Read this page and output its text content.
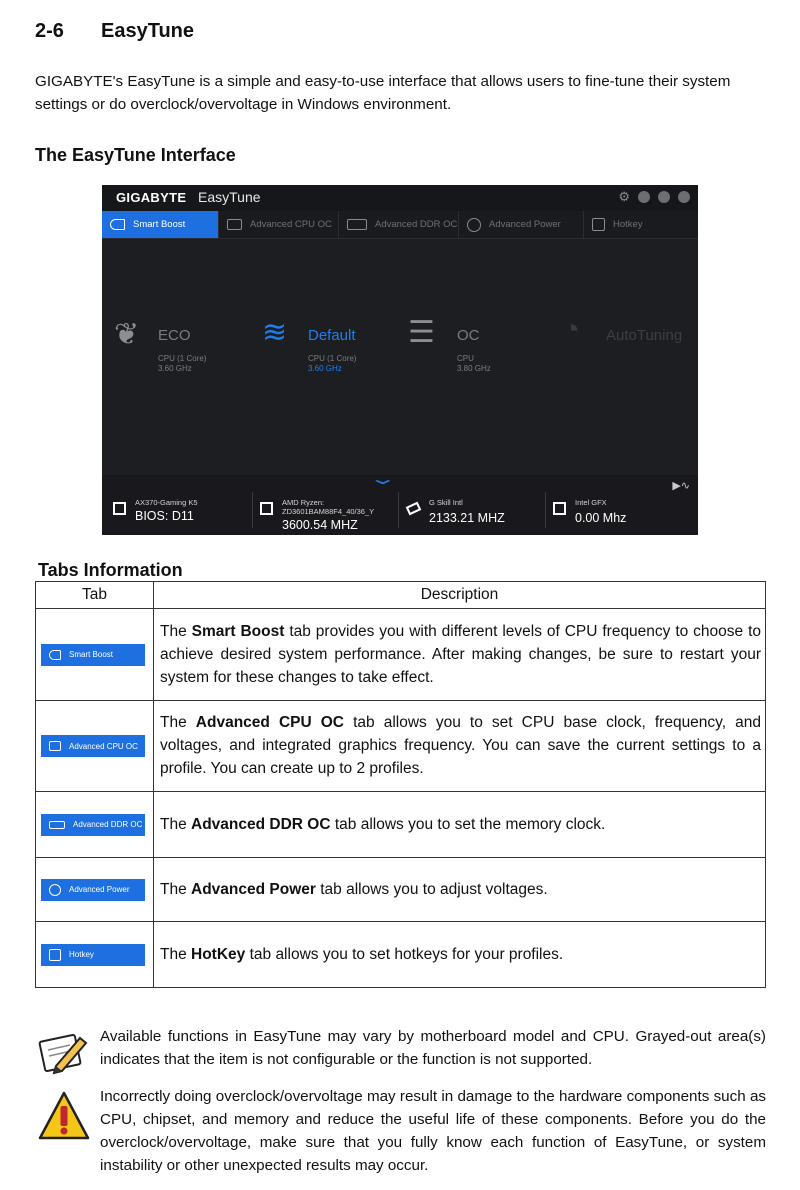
2-6 EasyTune
GIGABYTE's EasyTune is a simple and easy-to-use interface that allows users to fine-tune their system settings or do overclock/overvoltage in Windows environment.
The EasyTune Interface
GIGABYTE EasyTune	⚙
Smart Boost	Advanced CPU OC	Advanced DDR OC	Advanced Power	Hotkey
❦ ECO
CPU (1 Core)
3.60 GHz
≋ Default
CPU (1 Core)
3.60 GHz
☰ OC
CPU
3.80 GHz
◔ AutoTuning
▶∿
⌄
AX370-Gaming K5
BIOS: D11
AMD Ryzen:
ZD3601BAM88F4_40/36_Y
3600.54 MHZ
G Skill Intl
2133.21 MHZ
Intel GFX
0.00 Mhz
Tabs Information
Tab	Description

Smart Boost	The Smart Boost tab provides you with different levels of CPU frequency to choose to achieve desired system performance. After making changes, be sure to restart your system for these changes to take effect.

Advanced CPU OC	The Advanced CPU OC tab allows you to set CPU base clock, frequency, and voltages, and integrated graphics frequency. You can save the current settings to a profile. You can create up to 2 profiles.

Advanced DDR OC	The Advanced DDR OC tab allows you to set the memory clock.

Advanced Power	The Advanced Power tab allows you to adjust voltages.

Hotkey	The HotKey tab allows you to set hotkeys for your profiles.
Available functions in EasyTune may vary by motherboard model and CPU. Grayed-out area(s) indicates that the item is not configurable or the function is not supported.
Incorrectly doing overclock/overvoltage may result in damage to the hardware components such as CPU, chipset, and memory and reduce the useful life of these components. Before you do the overclock/overvoltage, make sure that you fully know each function of EasyTune, or system instability or other unexpected results may occur.
